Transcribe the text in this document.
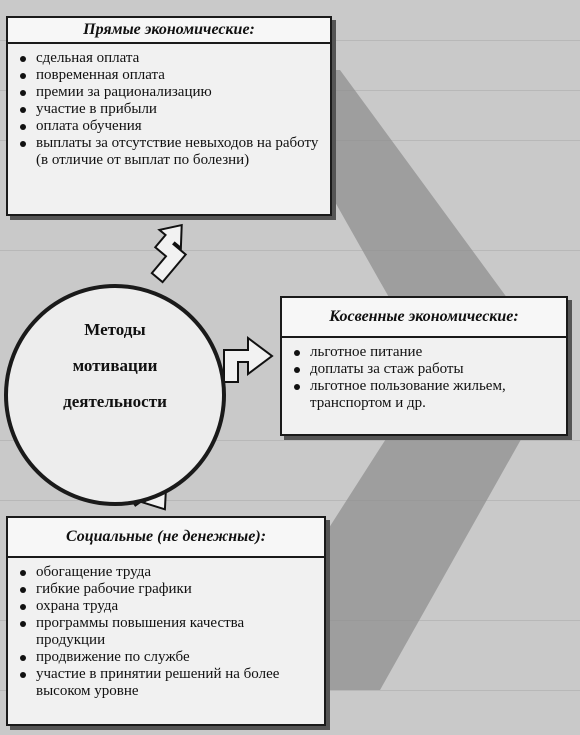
Прямые экономические:
сдельная оплата
повременная оплата
премии за рационализацию
участие в прибыли
оплата обучения
выплаты за отсутствие невыходов на работу (в отличие от выплат по болезни)
Методы
мотивации
деятельности
Косвенные экономические:
льготное питание
доплаты за стаж работы
льготное пользование жильем, транспортом и др.
Социальные (не денежные):
обогащение труда
гибкие рабочие графики
охрана труда
программы повышения качества продукции
продвижение по службе
участие в принятии решений на более высоком уровне
